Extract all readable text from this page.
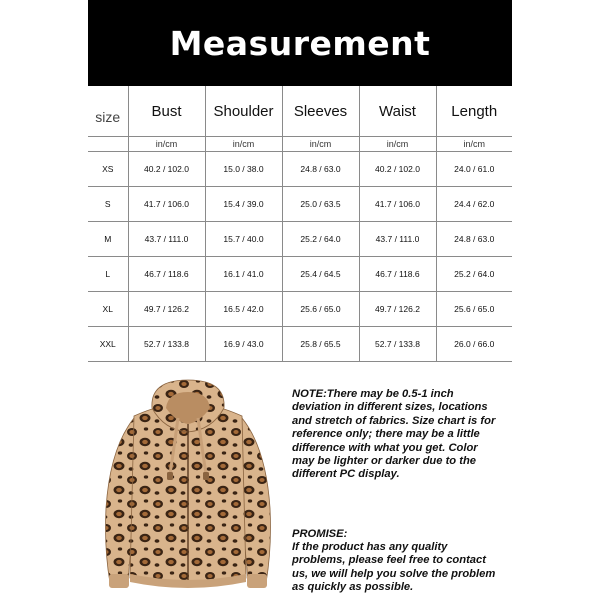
Measurement
size	Bust	Shoulder	Sleeves	Waist	Length
	in/cm	in/cm	in/cm	in/cm	in/cm
XS	40.2 / 102.0	15.0 / 38.0	24.8 / 63.0	40.2 / 102.0	24.0 / 61.0
S	41.7 / 106.0	15.4 / 39.0	25.0 / 63.5	41.7 / 106.0	24.4 / 62.0
M	43.7 / 111.0	15.7 / 40.0	25.2 / 64.0	43.7 / 111.0	24.8 / 63.0
L	46.7 / 118.6	16.1 / 41.0	25.4 / 64.5	46.7 / 118.6	25.2 / 64.0
XL	49.7 / 126.2	16.5 / 42.0	25.6 / 65.0	49.7 / 126.2	25.6 / 65.0
XXL	52.7 / 133.8	16.9 / 43.0	25.8 / 65.5	52.7 / 133.8	26.0 / 66.0

NOTE:There may be 0.5-1 inch deviation in different sizes, locations and stretch of fabrics. Size chart is for reference only; there may be a little difference with what you get. Color may be lighter or darker due to the different PC display.

PROMISE:

If the product has any quality problems, please feel free to contact us, we will help you solve the problem as quickly as possible.
